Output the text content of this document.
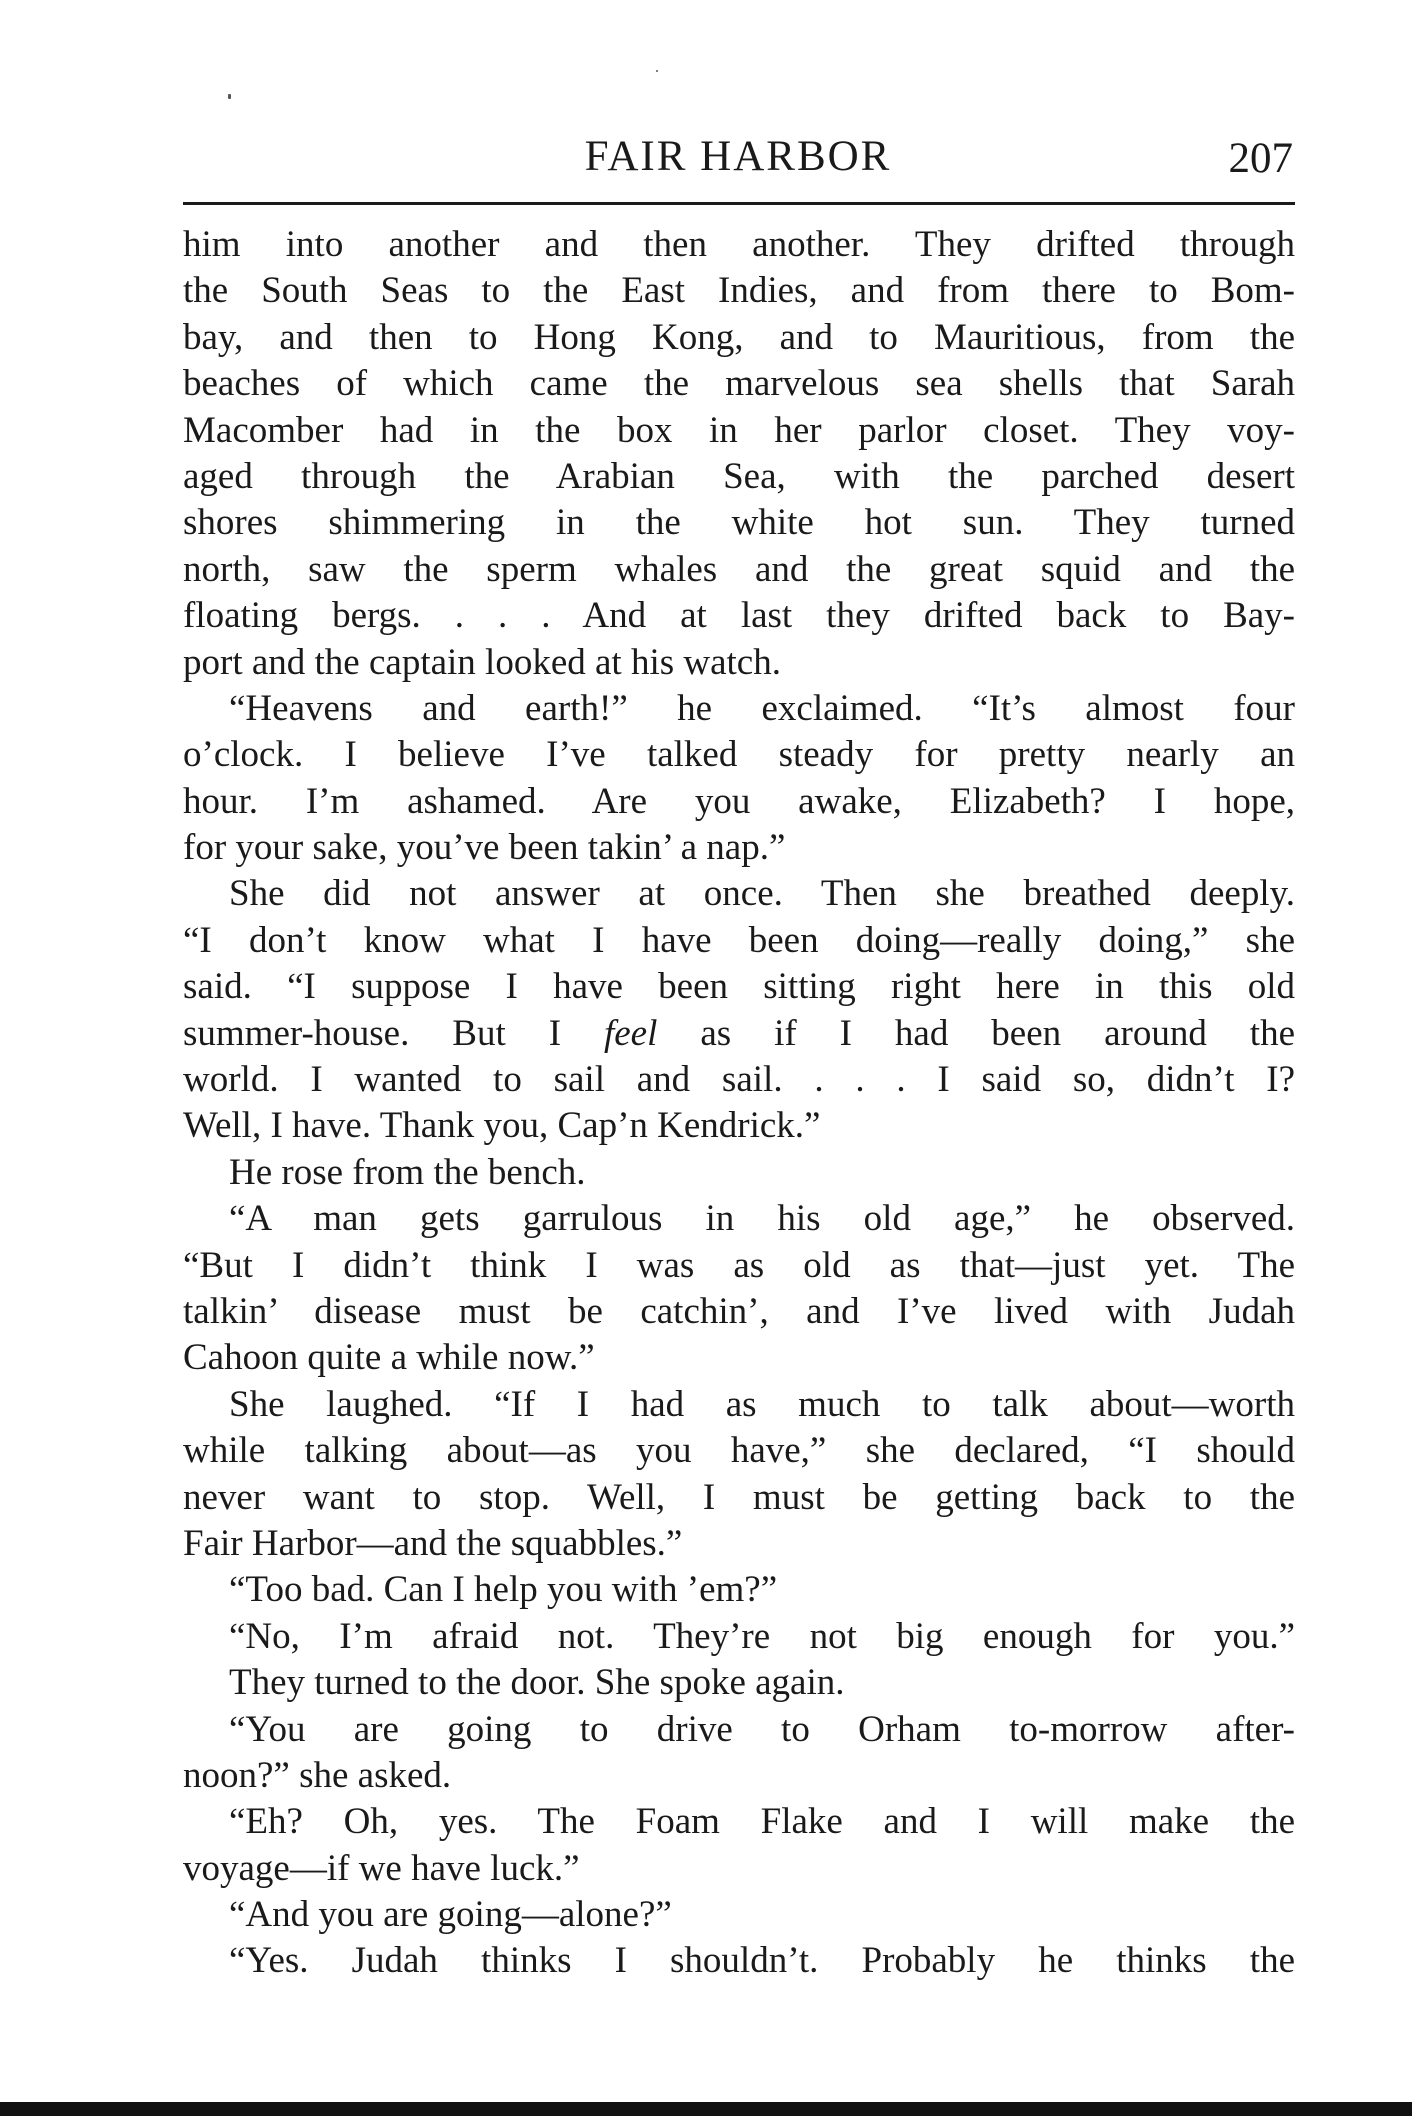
FAIR HARBOR	207
him into another and then another. They drifted through
the South Seas to the East Indies, and from there to Bom-
bay, and then to Hong Kong, and to Mauritious, from the
beaches of which came the marvelous sea shells that Sarah
Macomber had in the box in her parlor closet. They voy-
aged through the Arabian Sea, with the parched desert
shores shimmering in the white hot sun. They turned
north, saw the sperm whales and the great squid and the
floating bergs. . . . And at last they drifted back to Bay-
port and the captain looked at his watch.
“Heavens and earth!” he exclaimed. “It’s almost four
o’clock. I believe I’ve talked steady for pretty nearly an
hour. I’m ashamed. Are you awake, Elizabeth? I hope,
for your sake, you’ve been takin’ a nap.”
She did not answer at once. Then she breathed deeply.
“I don’t know what I have been doing—really doing,” she
said. “I suppose I have been sitting right here in this old
summer-house. But I feel as if I had been around the
world. I wanted to sail and sail. . . . I said so, didn’t I?
Well, I have. Thank you, Cap’n Kendrick.”
He rose from the bench.
“A man gets garrulous in his old age,” he observed.
“But I didn’t think I was as old as that—just yet. The
talkin’ disease must be catchin’, and I’ve lived with Judah
Cahoon quite a while now.”
She laughed. “If I had as much to talk about—worth
while talking about—as you have,” she declared, “I should
never want to stop. Well, I must be getting back to the
Fair Harbor—and the squabbles.”
“Too bad. Can I help you with ’em?”
“No, I’m afraid not. They’re not big enough for you.”
They turned to the door. She spoke again.
“You are going to drive to Orham to-morrow after-
noon?” she asked.
“Eh? Oh, yes. The Foam Flake and I will make the
voyage—if we have luck.”
“And you are going—alone?”
“Yes. Judah thinks I shouldn’t. Probably he thinks the
